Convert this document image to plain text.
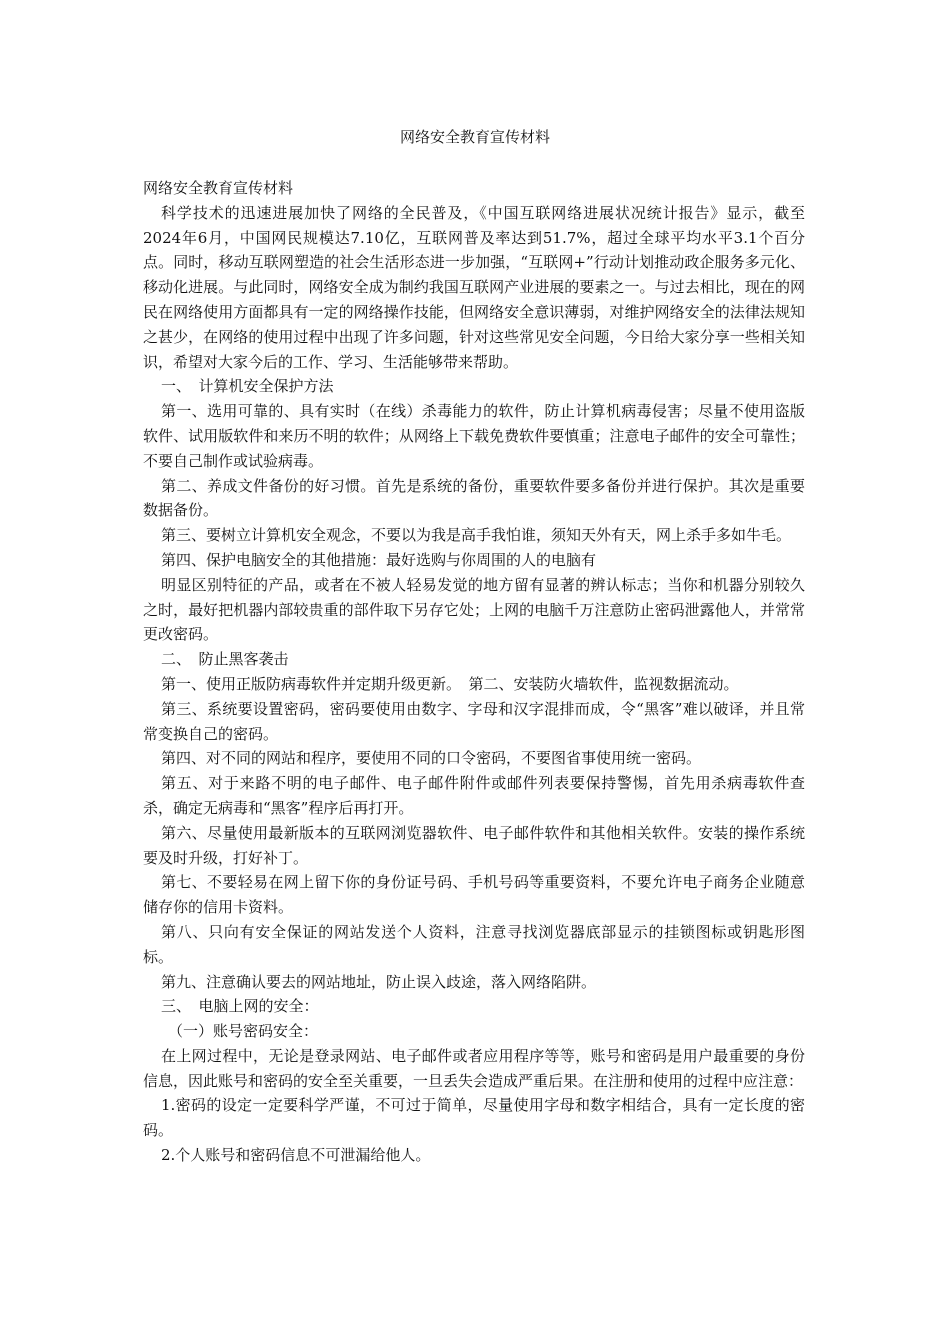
网络安全教育宣传材料

网络安全教育宣传材料

科学技术的迅速进展加快了网络的全民普及，《中国互联网络进展状况统计报告》显示，截至2024年6月，中国网民规模达7.10亿，互联网普及率达到51.7%，超过全球平均水平3.1个百分点。同时，移动互联网塑造的社会生活形态进一步加强，“互联网+”行动计划推动政企服务多元化、移动化进展。与此同时，网络安全成为制约我国互联网产业进展的要素之一。与过去相比，现在的网民在网络使用方面都具有一定的网络操作技能，但网络安全意识薄弱，对维护网络安全的法律法规知之甚少，在网络的使用过程中出现了许多问题，针对这些常见安全问题，今日给大家分享一些相关知识，希望对大家今后的工作、学习、生活能够带来帮助。

一、　计算机安全保护方法

第一、选用可靠的、具有实时（在线）杀毒能力的软件，防止计算机病毒侵害；尽量不使用盗版软件、试用版软件和来历不明的软件；从网络上下载免费软件要慎重；注意电子邮件的安全可靠性；不要自己制作或试验病毒。

第二、养成文件备份的好习惯。首先是系统的备份，重要软件要多备份并进行保护。其次是重要数据备份。

第三、要树立计算机安全观念，不要以为我是高手我怕谁，须知天外有天，网上杀手多如牛毛。

第四、保护电脑安全的其他措施：最好选购与你周围的人的电脑有

明显区别特征的产品，或者在不被人轻易发觉的地方留有显著的辨认标志；当你和机器分别较久之时，最好把机器内部较贵重的部件取下另存它处；上网的电脑千万注意防止密码泄露他人，并常常更改密码。

二、　防止黑客袭击

第一、使用正版防病毒软件并定期升级更新。　第二、安装防火墙软件，监视数据流动。

第三、系统要设置密码，密码要使用由数字、字母和汉字混排而成，令“黑客”难以破译，并且常常变换自己的密码。

第四、对不同的网站和程序，要使用不同的口令密码，不要图省事使用统一密码。

第五、对于来路不明的电子邮件、电子邮件附件或邮件列表要保持警惕，首先用杀病毒软件查杀，确定无病毒和“黑客”程序后再打开。

第六、尽量使用最新版本的互联网浏览器软件、电子邮件软件和其他相关软件。安装的操作系统要及时升级，打好补丁。

第七、不要轻易在网上留下你的身份证号码、手机号码等重要资料，不要允许电子商务企业随意储存你的信用卡资料。

第八、只向有安全保证的网站发送个人资料，注意寻找浏览器底部显示的挂锁图标或钥匙形图标。

第九、注意确认要去的网站地址，防止误入歧途，落入网络陷阱。

三、　电脑上网的安全：

（一）账号密码安全：

在上网过程中，无论是登录网站、电子邮件或者应用程序等等，账号和密码是用户最重要的身份信息，因此账号和密码的安全至关重要，一旦丢失会造成严重后果。在注册和使用的过程中应注意：

1.密码的设定一定要科学严谨，不可过于简单，尽量使用字母和数字相结合，具有一定长度的密码。

2.个人账号和密码信息不可泄漏给他人。
